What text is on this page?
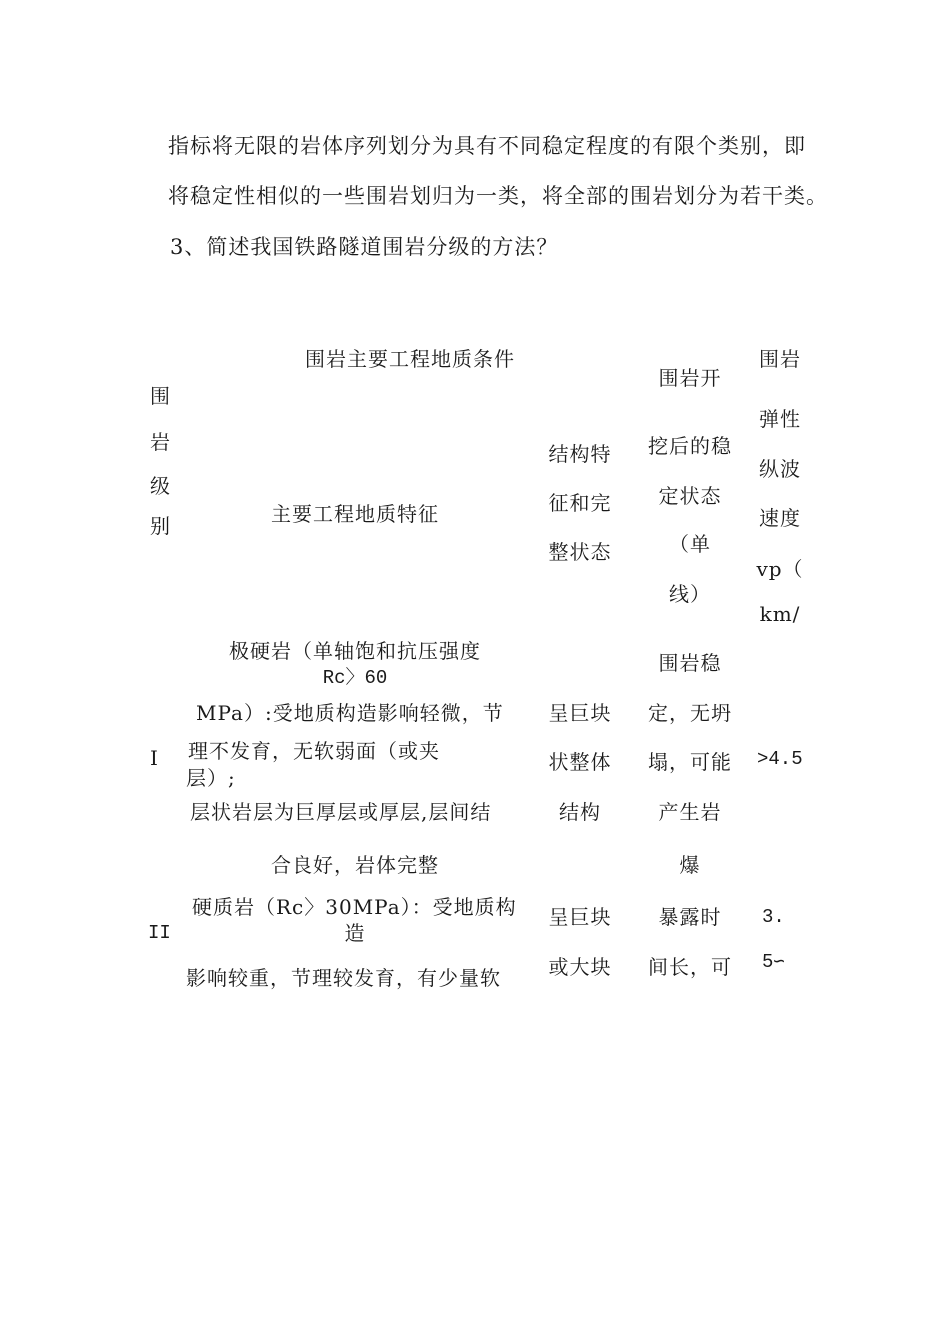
指标将无限的岩体序列划分为具有不同稳定程度的有限个类别，即
将稳定性相似的一些围岩划归为一类，将全部的围岩划分为若干类。
3、简述我国铁路隧道围岩分级的方法？
围
岩
级
别
围岩主要工程地质条件
主要工程地质特征
结构特
征和完
整状态
围岩开
挖后的稳
定状态
（单
线）
围岩
弹性
纵波
速度
vp（
km/
I
极硬岩（单轴饱和抗压强度
Rc〉60
MPa）:受地质构造影响轻微，节
理不发育，无软弱面（或夹
层）;
层状岩层为巨厚层或厚层,层间结
合良好，岩体完整
呈巨块
状整体
结构
围岩稳
定，无坍
塌，可能
产生岩
爆
>4.5
II
硬质岩（Rc〉30MPa）：受地质构
造
影响较重，节理较发育，有少量软
呈巨块
或大块
暴露时
间长，可
3.
5∽
